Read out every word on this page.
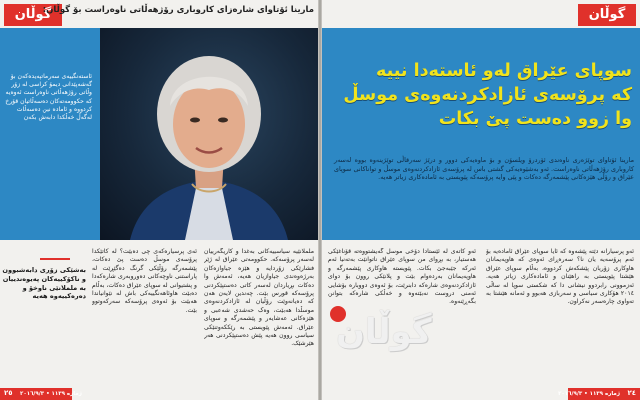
گوڵان
مارینا ئۆتاوای شارەزای کاروباری رۆژهەڵاتی ناوەراست بۆ گوڵان:
ئاستەنگییەی سەرماتپەیدەکەن بۆ گەشەپێدانی دیمۆ کراسی لە زۆر وڵاتی رۆژهەڵاتی ناوەراست ئەوەیە کە حکوومەتەکان دەسەڵاتیان قۆرخ کردووە و ئامادە نین دەسەڵات لەگەڵ خەڵکدا دابەش بکەن
بەشێکی زۆری دابەشبوون و ناکۆکییەکان پەیوەندییان بە ململانێی ناوخۆ و دەرەکییەوە هەیە
ئەی پرسیارەکەی چی دەبێت؟ لە کاتێکدا پرۆسەی موسڵ دەست پێ دەکات، پێشمەرگە رۆڵێکی گرنگ دەگێڕێت لە پاراستنی ناوچەکانی دەوروبەری شارەکەدا و پشتیوانی لە سوپای عێراق دەکات، بەڵام دەبێت هاوئاهەنگییەکی باش لە نێوانیاندا هەبێت بۆ ئەوەی پرۆسەکە سەرکەوتوو بێت.
ململانێیە سیاسییەکانی بەغدا و کاریگەرییان لەسەر پرۆسەکە. حکوومەتی عێراق لە ژێر فشارێکی زۆردایە و هێزە جیاوازەکان بەرژەوەندی جیاوازیان هەیە، ئەمەش وا دەکات بڕیاردان لەسەر کاتی دەستپێکردنی پرۆسەکە قورس بێت. چەندین لایەن هەن کە دەیانەوێت رۆڵیان لە ئازادکردنەوەی موسڵدا هەبێت، وەک حەشدی شەعبی و هێزەکانی عەشایەر و پێشمەرگە و سوپای عێراق. ئەمەش پێویستی بە رێککەوتنێکی سیاسی روون هەیە پێش دەستپێکردنی هەر هێرشێک.
٢٥ ژمارە ١١٣٩ • ٢٠١٦/٩/٣
گوڵان
سوپای عێراق لەو ئاستەدا نییە
کە پرۆسەی ئازادکردنەوەی موسڵ
وا زوو دەست پێ بکات
مارینا ئۆتاوای توێژەری ناوەندی ئۆردرۆ ویلسۆن و بۆ ماوەیەکی دوور و درێژ سەرقاڵی توێژینەوە بووە لەسەر کاروباری رۆژهەڵاتی ناوەراست. ئەو بەشێوەیەکی گشتی باس لە پرۆسەی ئازادکردنەوەی موسڵ و تواناکانی سوپای عێراق و رۆڵی هێزەکانی پێشمەرگە دەکات و پێی وایە پرۆسەکە پێویستی بە ئامادەکاری زیاتر هەیە.
ئەو کاتەی لە ئێستادا دۆخی موسڵ گەیشتووەتە قۆناغێکی هەستیار، بە بڕوای من سوپای عێراق ناتوانێت بەتەنیا ئەم ئەرکە جێبەجێ بکات. پێویستە هاوکاری پێشمەرگە و هاوپەیمانان بەردەوام بێت و پلانێکی روون بۆ دوای ئازادکردنەوەی شارەکە دابنرێت، بۆ ئەوەی دووبارە بۆشایی ئەمنی دروست نەبێتەوە و خەڵکی شارەکە بتوانن بگەڕێنەوە.
ئەو پرسیارانە دێتە پێشەوە کە ئایا سوپای عێراق ئامادەیە بۆ ئەم پرۆسەیە یان نا؟ سەرەڕای ئەوەی کە هاوپەیمانان هاوکاری زۆریان پێشکەش کردووە، بەڵام سوپای عێراق هێشتا پێویستی بە راهێنان و ئامادەکاری زیاتر هەیە. ئەزموونی رابردوو نیشانی دا کە شکستی سوپا لە ساڵی ٢٠١٤ هۆکاری سیاسی و سەربازی هەبوو و ئەمانە هێشتا بە تەواوی چارەسەر نەکراون.
گوڵان
٢٤
ژمارە ١١٣٩ • ٢٠١٦/٩/٣
